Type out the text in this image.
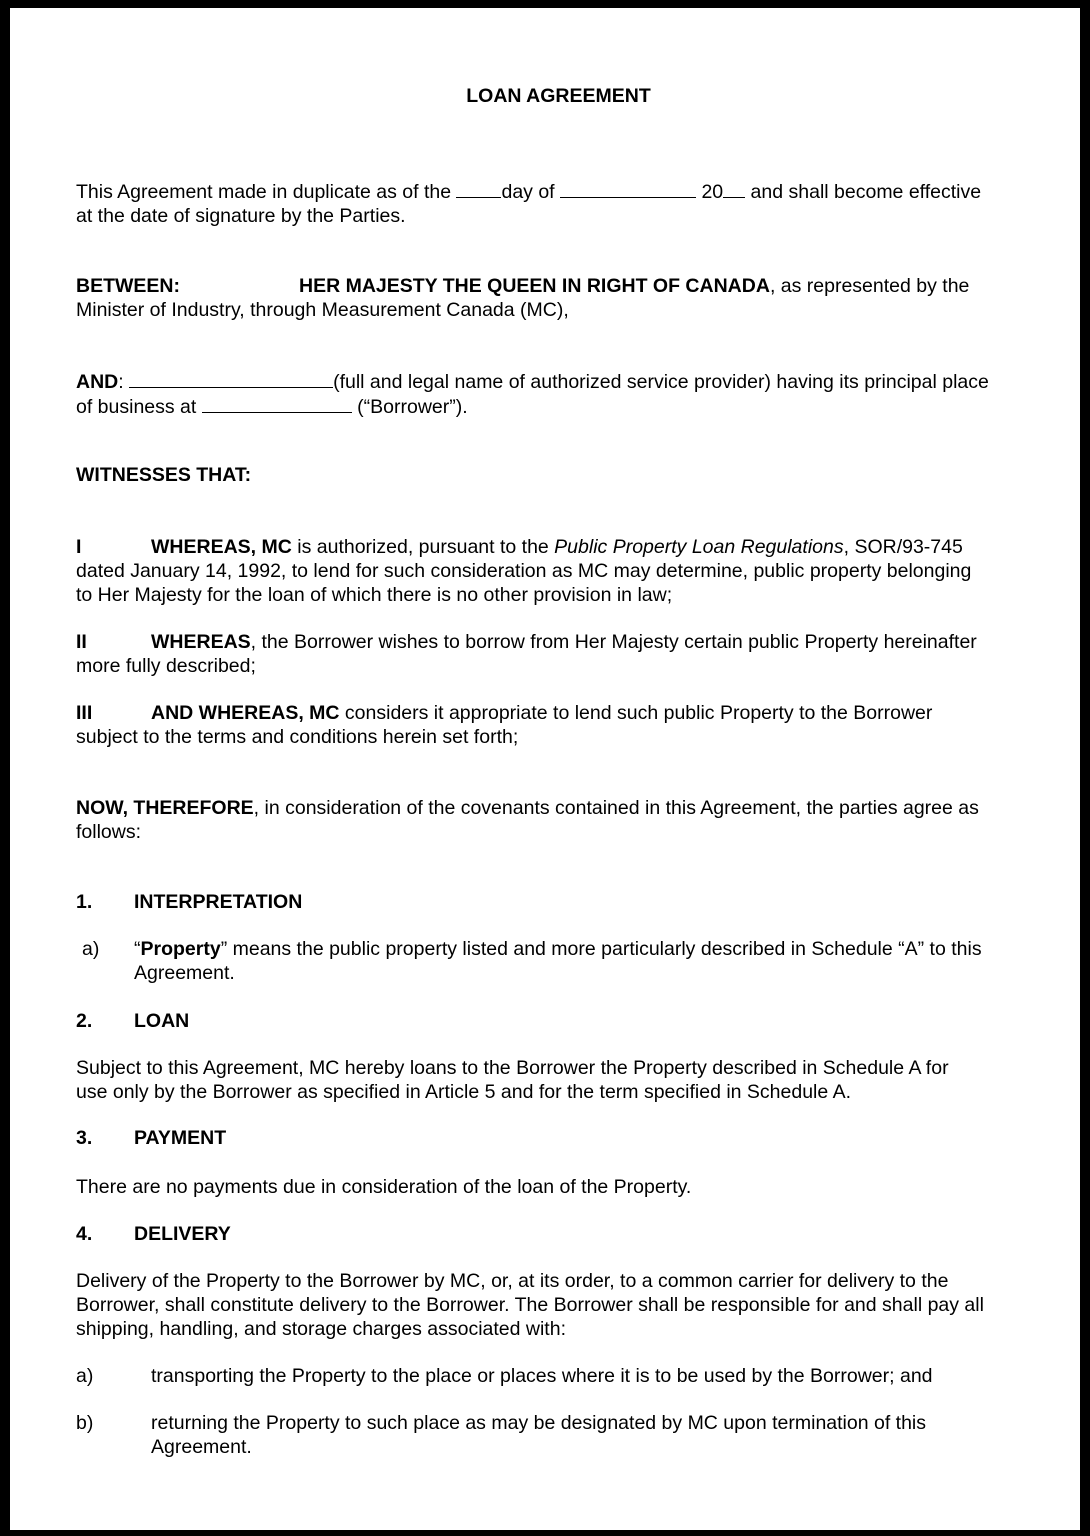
LOAN AGREEMENT
This Agreement made in duplicate as of the day of	20 and shall become effective
at the date of signature by the Parties.
BETWEEN:	HER MAJESTY THE QUEEN IN RIGHT OF CANADA, as represented by the
Minister of Industry, through Measurement Canada (MC),
AND:	(full and legal name of authorized service provider) having its principal place
of business at	(“Borrower”).
WITNESSES THAT:
I	WHEREAS, MC is authorized, pursuant to the Public Property Loan Regulations, SOR/93-745
dated January 14, 1992, to lend for such consideration as MC may determine, public property belonging
to Her Majesty for the loan of which there is no other provision in law;
II	WHEREAS, the Borrower wishes to borrow from Her Majesty certain public Property hereinafter
more fully described;
III	AND WHEREAS, MC considers it appropriate to lend such public Property to the Borrower
subject to the terms and conditions herein set forth;
NOW, THEREFORE, in consideration of the covenants contained in this Agreement, the parties agree as
follows:
1. INTERPRETATION
a) “Property” means the public property listed and more particularly described in Schedule “A” to this
Agreement.
2. LOAN
Subject to this Agreement, MC hereby loans to the Borrower the Property described in Schedule A for
use only by the Borrower as specified in Article 5 and for the term specified in Schedule A.
3. PAYMENT
There are no payments due in consideration of the loan of the Property.
4. DELIVERY
Delivery of the Property to the Borrower by MC, or, at its order, to a common carrier for delivery to the
Borrower, shall constitute delivery to the Borrower. The Borrower shall be responsible for and shall pay all
shipping, handling, and storage charges associated with:
a)	transporting the Property to the place or places where it is to be used by the Borrower; and
b)	returning the Property to such place as may be designated by MC upon termination of this
Agreement.
